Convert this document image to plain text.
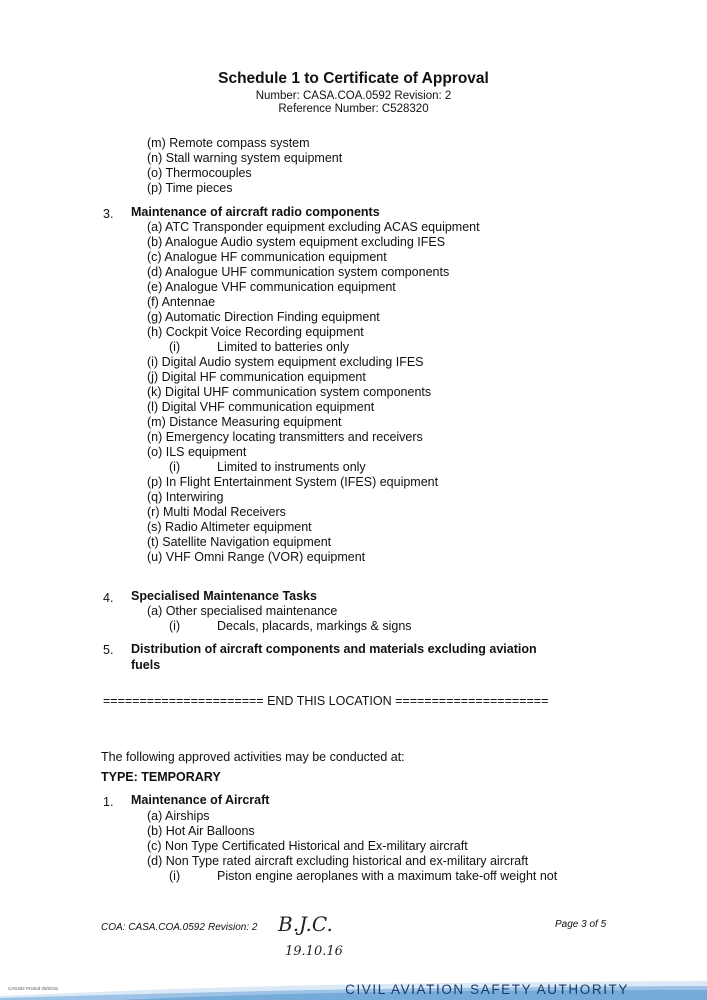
Schedule 1 to Certificate of Approval
Number: CASA.COA.0592 Revision: 2
Reference Number: C528320
(m) Remote compass system
(n) Stall warning system equipment
(o) Thermocouples
(p) Time pieces
3. Maintenance of aircraft radio components
(a) ATC Transponder equipment excluding ACAS equipment
(b) Analogue Audio system equipment excluding IFES
(c) Analogue HF communication equipment
(d) Analogue UHF communication system components
(e) Analogue VHF communication equipment
(f) Antennae
(g) Automatic Direction Finding equipment
(h) Cockpit Voice Recording equipment
(i)	Limited to batteries only
(i) Digital Audio system equipment excluding IFES
(j) Digital HF communication equipment
(k) Digital UHF communication system components
(l) Digital VHF communication equipment
(m) Distance Measuring equipment
(n) Emergency locating transmitters and receivers
(o) ILS equipment
(i)	Limited to instruments only
(p) In Flight Entertainment System (IFES) equipment
(q) Interwiring
(r) Multi Modal Receivers
(s) Radio Altimeter equipment
(t) Satellite Navigation equipment
(u) VHF Omni Range (VOR) equipment
4. Specialised Maintenance Tasks
(a) Other specialised maintenance
(i)	Decals, placards, markings & signs
5. Distribution of aircraft components and materials excluding aviation
fuels
====================== END THIS LOCATION =====================
The following approved activities may be conducted at:
TYPE: TEMPORARY
1. Maintenance of Aircraft
(a) Airships
(b) Hot Air Balloons
(c) Non Type Certificated Historical and Ex-military aircraft
(d) Non Type rated aircraft excluding historical and ex-military aircraft
(i)	Piston engine aeroplanes with a maximum take-off weight not
COA: CASA.COA.0592 Revision: 2 B.J.C.
19.10.16
Page 3 of 5
CAS402 Printed 09/2015	CIVIL AVIATION SAFETY AUTHORITY
